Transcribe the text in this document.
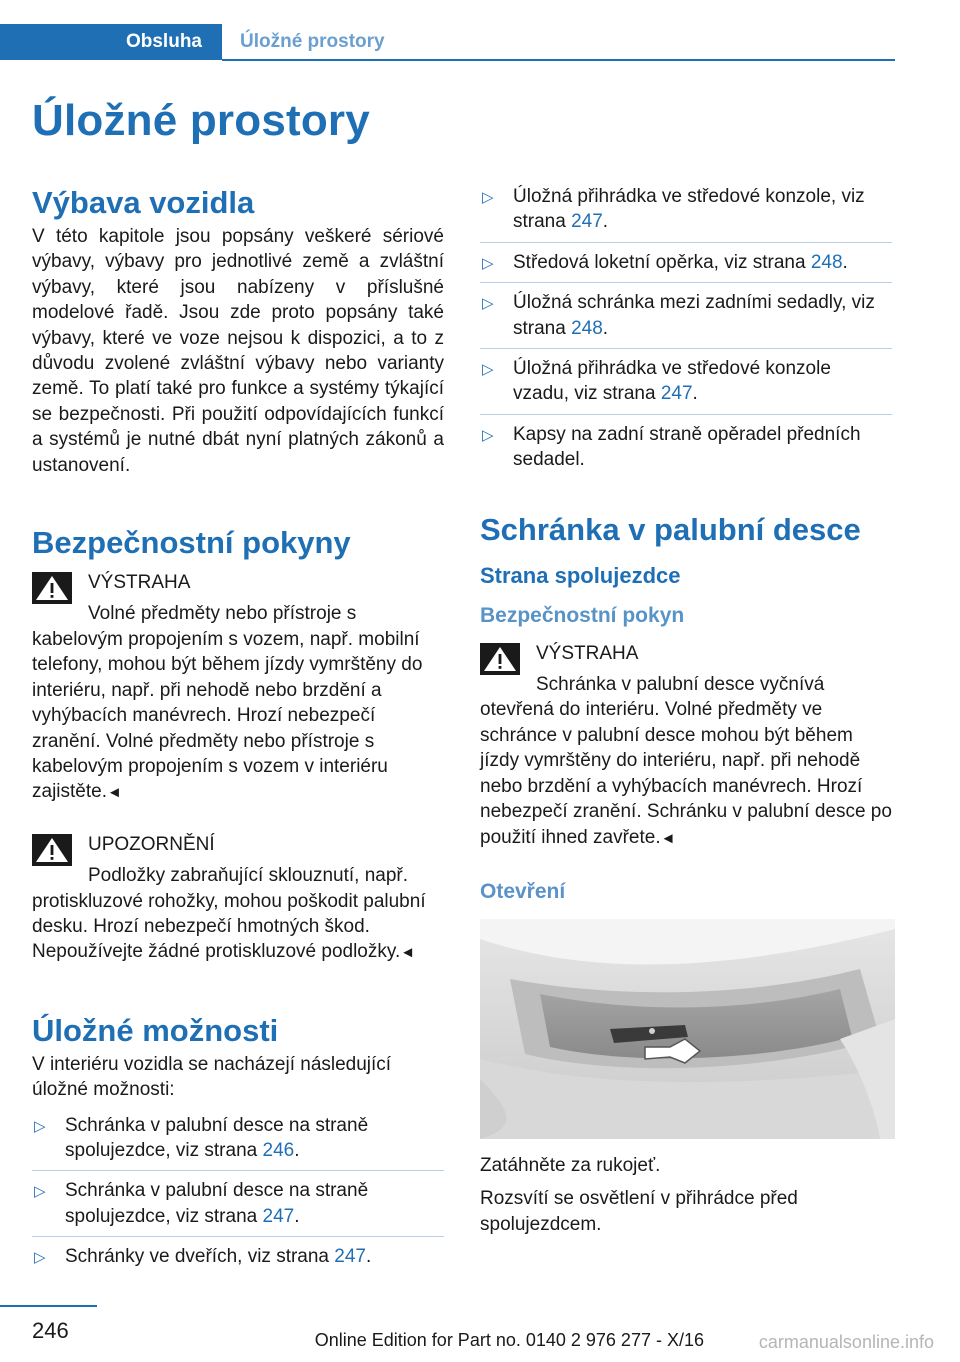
Obsluha	Úložné prostory
Úložné prostory
Výbava vozidla

V této kapitole jsou popsány veškeré sériové výbavy, výbavy pro jednotlivé země a zvláštní výbavy, které jsou nabízeny v příslušné modelové řadě. Jsou zde proto popsány také výbavy, které ve voze nejsou k dispozici, a to z důvodu zvolené zvláštní výbavy nebo varianty země. To platí také pro funkce a systémy týkající se bezpečnosti. Při použití odpovídajících funkcí a systémů je nutné dbát nyní platných zákonů a ustanovení.

Bezpečnostní pokyny
VÝSTRAHA
Volné předměty nebo přístroje s kabelovým propojením s vozem, např. mobilní telefony, mohou být během jízdy vymrštěny do interiéru, např. při nehodě nebo brzdění a vyhýbacích manévrech. Hrozí nebezpečí zranění. Volné předměty nebo přístroje s kabelovým propojením s vozem v interiéru zajistěte.◄
UPOZORNĚNÍ
Podložky zabraňující sklouznutí, např. protiskluzové rohožky, mohou poškodit palubní desku. Hrozí nebezpečí hmotných škod. Nepoužívejte žádné protiskluzové podložky.◄
Úložné možnosti

V interiéru vozidla se nacházejí následující úložné možnosti:

▷ Schránka v palubní desce na straně spolujezdce, viz strana 246.
▷ Schránka v palubní desce na straně spolujezdce, viz strana 247.
▷ Schránky ve dveřích, viz strana 247.
▷ Úložná přihrádka ve středové konzole, viz strana 247.
▷ Středová loketní opěrka, viz strana 248.
▷ Úložná schránka mezi zadními sedadly, viz strana 248.
▷ Úložná přihrádka ve středové konzole vzadu, viz strana 247.
▷ Kapsy na zadní straně opěradel předních sedadel.
Schránka v palubní desce
Strana spolujezdce
Bezpečnostní pokyn
VÝSTRAHA
Schránka v palubní desce vyčnívá otevřená do interiéru. Volné předměty ve schránce v palubní desce mohou být během jízdy vymrštěny do interiéru, např. při nehodě nebo brzdění a vyhýbacích manévrech. Hrozí nebezpečí zranění. Schránku v palubní desce po použití ihned zavřete.◄
Otevření

Zatáhněte za rukojeť.

Rozsvítí se osvětlení v přihrádce před spolujezdcem.

246	Online Edition for Part no. 0140 2 976 277 - X/16	carmanualsonline.info
